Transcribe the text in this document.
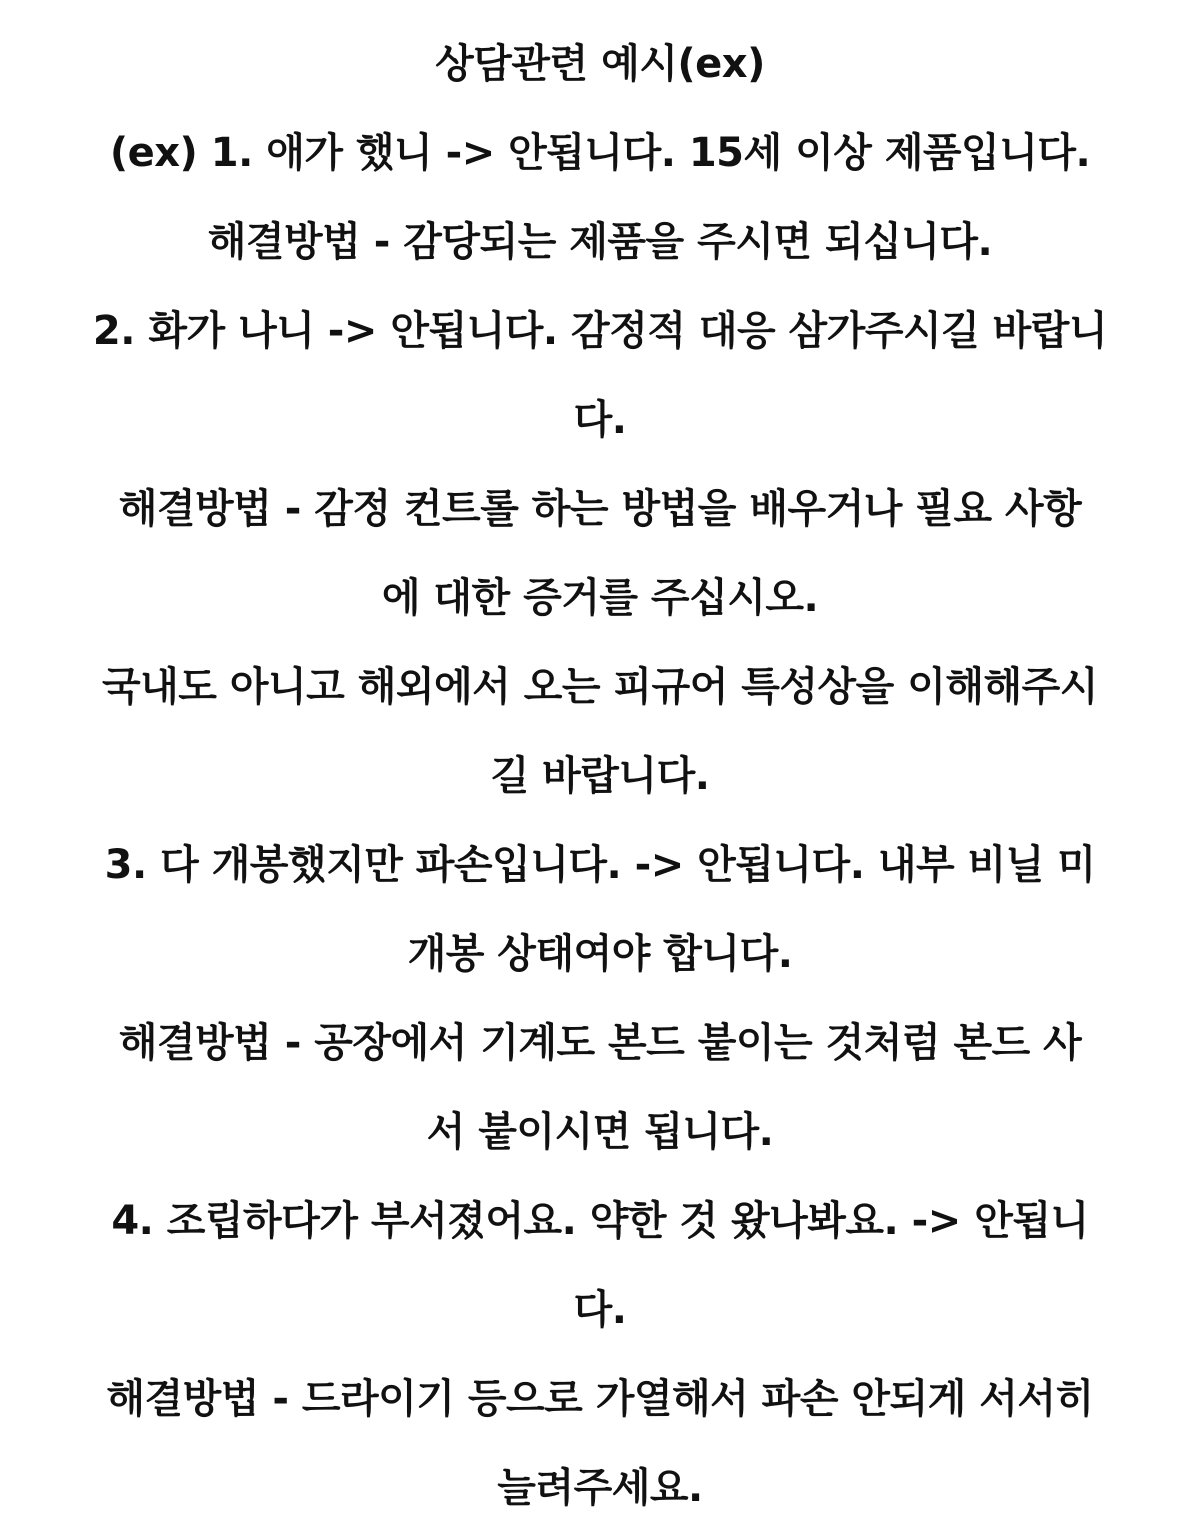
상담관련 예시(ex)
(ex) 1. 애가 했니 -> 안됩니다. 15세 이상 제품입니다.
해결방법 - 감당되는 제품을 주시면 되십니다.
2. 화가 나니 -> 안됩니다. 감정적 대응 삼가주시길 바랍니
다.
해결방법 - 감정 컨트롤 하는 방법을 배우거나 필요 사항
에 대한 증거를 주십시오.
국내도 아니고 해외에서 오는 피규어 특성상을 이해해주시
길 바랍니다.
3. 다 개봉했지만 파손입니다. -> 안됩니다. 내부 비닐 미
개봉 상태여야 합니다.
해결방법 - 공장에서 기계도 본드 붙이는 것처럼 본드 사
서 붙이시면 됩니다.
4. 조립하다가 부서졌어요. 약한 것 왔나봐요. -> 안됩니
다.
해결방법 - 드라이기 등으로 가열해서 파손 안되게 서서히
늘려주세요.
